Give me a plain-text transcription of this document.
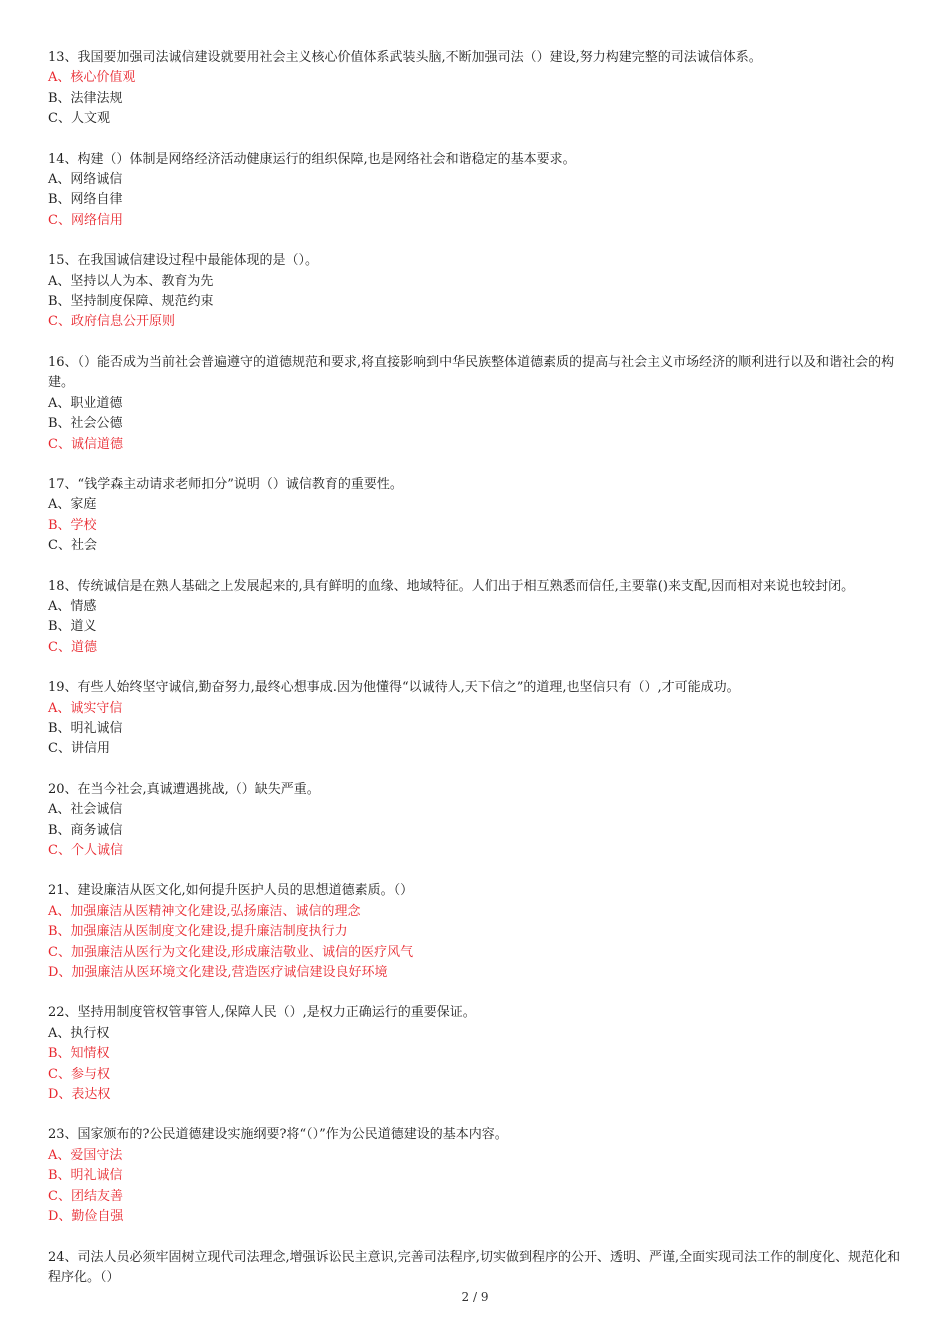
13、我国要加强司法诚信建设就要用社会主义核心价值体系武装头脑,不断加强司法（）建设,努力构建完整的司法诚信体系。

A、核心价值观

B、法律法规

C、人文观

14、构建（）体制是网络经济活动健康运行的组织保障,也是网络社会和谐稳定的基本要求。

A、网络诚信

B、网络自律

C、网络信用

15、在我国诚信建设过程中最能体现的是（）。

A、坚持以人为本、教育为先

B、坚持制度保障、规范约束

C、政府信息公开原则

16、（）能否成为当前社会普遍遵守的道德规范和要求,将直接影响到中华民族整体道德素质的提高与社会主义市场经济的顺利进行以及和谐社会的构建。

A、职业道德

B、社会公德

C、诚信道德

17、“钱学森主动请求老师扣分”说明（）诚信教育的重要性。

A、家庭

B、学校

C、社会

18、传统诚信是在熟人基础之上发展起来的,具有鲜明的血缘、地域特征。人们出于相互熟悉而信任,主要靠()来支配,因而相对来说也较封闭。

A、情感

B、道义

C、道德

19、有些人始终坚守诚信,勤奋努力,最终心想事成.因为他懂得“以诚待人,天下信之”的道理,也坚信只有（）,才可能成功。

A、诚实守信

B、明礼诚信

C、讲信用

20、在当今社会,真诚遭遇挑战,（）缺失严重。

A、社会诚信

B、商务诚信

C、个人诚信

21、建设廉洁从医文化,如何提升医护人员的思想道德素质。（）

A、加强廉洁从医精神文化建设,弘扬廉洁、诚信的理念

B、加强廉洁从医制度文化建设,提升廉洁制度执行力

C、加强廉洁从医行为文化建设,形成廉洁敬业、诚信的医疗风气

D、加强廉洁从医环境文化建设,营造医疗诚信建设良好环境

22、坚持用制度管权管事管人,保障人民（）,是权力正确运行的重要保证。

A、执行权

B、知情权

C、参与权

D、表达权

23、国家颁布的?公民道德建设实施纲要?将“（）”作为公民道德建设的基本内容。

A、爱国守法

B、明礼诚信

C、团结友善

D、勤俭自强

24、司法人员必须牢固树立现代司法理念,增强诉讼民主意识,完善司法程序,切实做到程序的公开、透明、严谨,全面实现司法工作的制度化、规范化和程序化。（）

2 / 9
